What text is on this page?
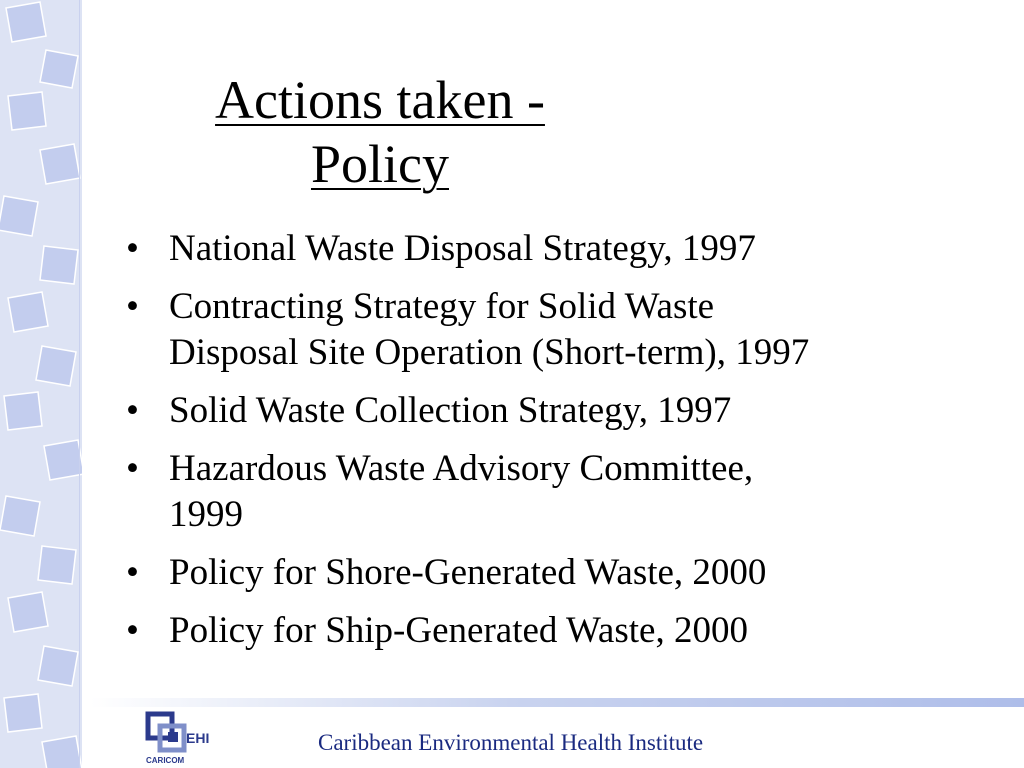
Actions taken -
Policy
• National Waste Disposal Strategy, 1997
• Contracting Strategy for Solid Waste
Disposal Site Operation (Short-term), 1997
• Solid Waste Collection Strategy, 1997
• Hazardous Waste Advisory Committee,
1999
• Policy for Shore-Generated Waste, 2000
• Policy for Ship-Generated Waste, 2000
EHI
CARICOM
Caribbean Environmental Health Institute
